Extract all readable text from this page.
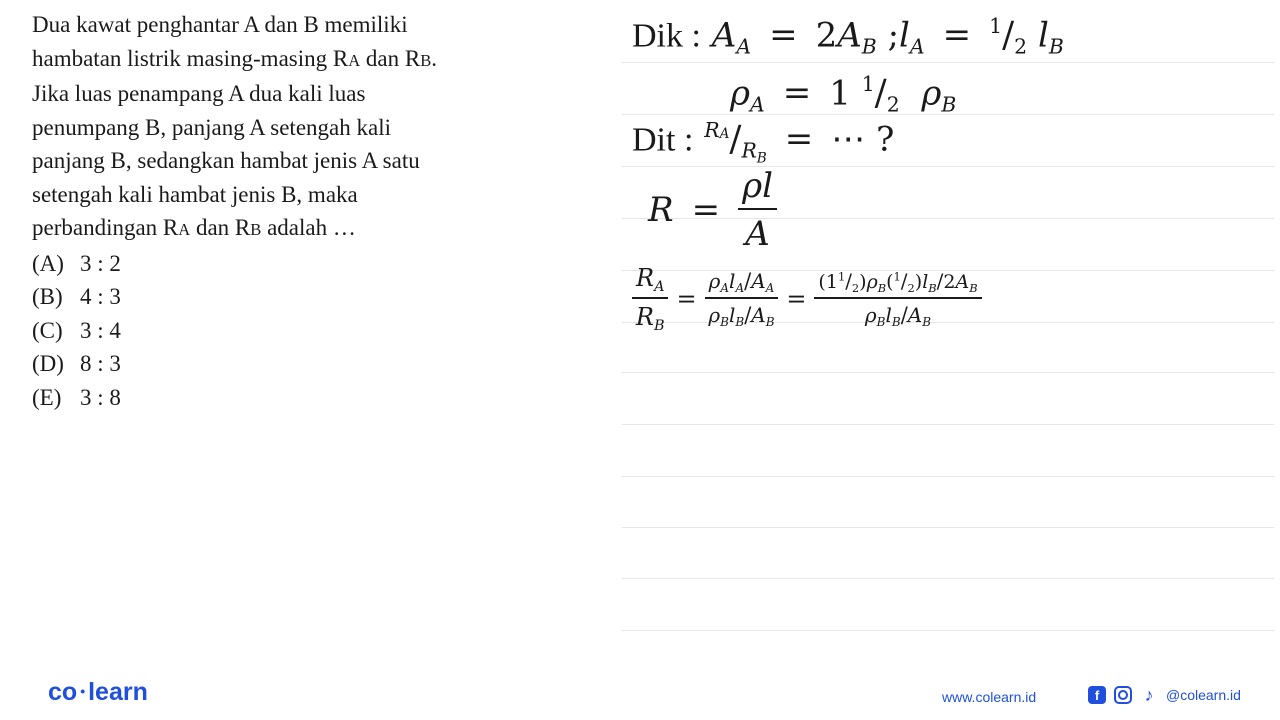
Dua kawat penghantar A dan B memiliki
hambatan listrik masing-masing RA dan RB.
Jika luas penampang A dua kali luas
penumpang B, panjang A setengah kali
panjang B, sedangkan hambat jenis A satu
setengah kali hambat jenis B, maka
perbandingan RA dan RB adalah …

(A) 3 : 2
(B) 4 : 3
(C) 3 : 4
(D) 8 : 3
(E) 3 : 8
Dik : $A_A = 2A_B$ $;l_A = ^1/_2$ $l_B$
$\rho_A = 1$ $^1/_2$ $\rho_B$
Dit : $^{RA}/_{RB}$ = ⋯ ?
$R = \frac{\rho l}{A}$
$\frac{R_A}{R_B} = \frac{\rho_Al_A/A_A}{\rho_Bl_B/A_B} = \frac{(1^1/_2)\rho_B(^1/_2)l_B/2A_B}{\rho_Bl_B/A_B}$
co • learn	www.colearn.id	f	♪ @colearn.id
